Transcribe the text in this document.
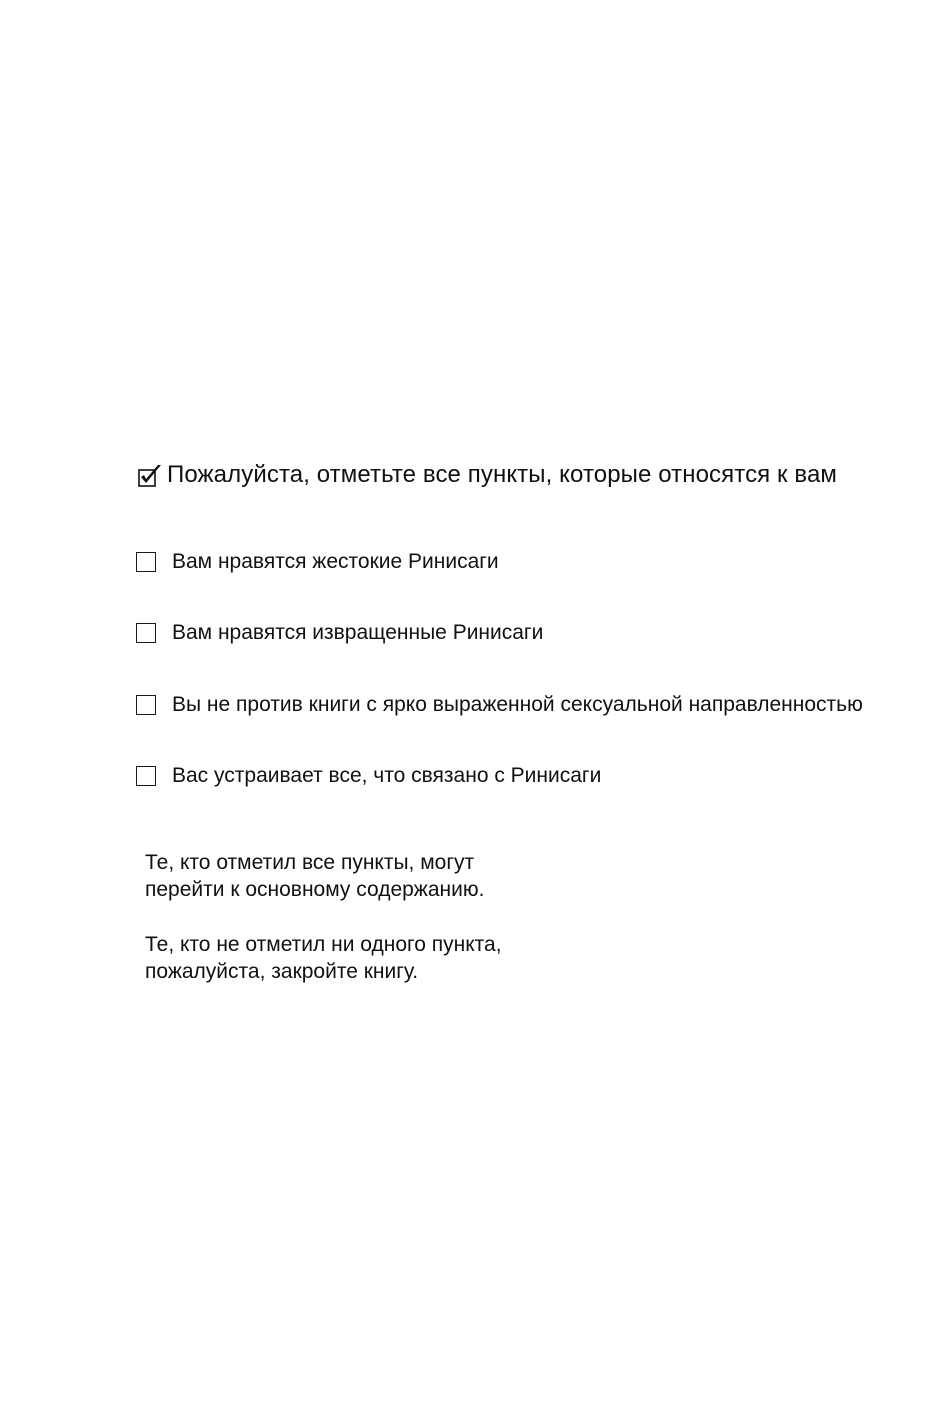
Пожалуйста, отметьте все пункты, которые относятся к вам
Вам нравятся жестокие Ринисаги
Вам нравятся извращенные Ринисаги
Вы не против книги с ярко выраженной сексуальной направленностью
Вас устраивает все, что связано с Ринисаги
Те, кто отметил все пункты, могут
перейти к основному содержанию.
Те, кто не отметил ни одного пункта,
пожалуйста, закройте книгу.
